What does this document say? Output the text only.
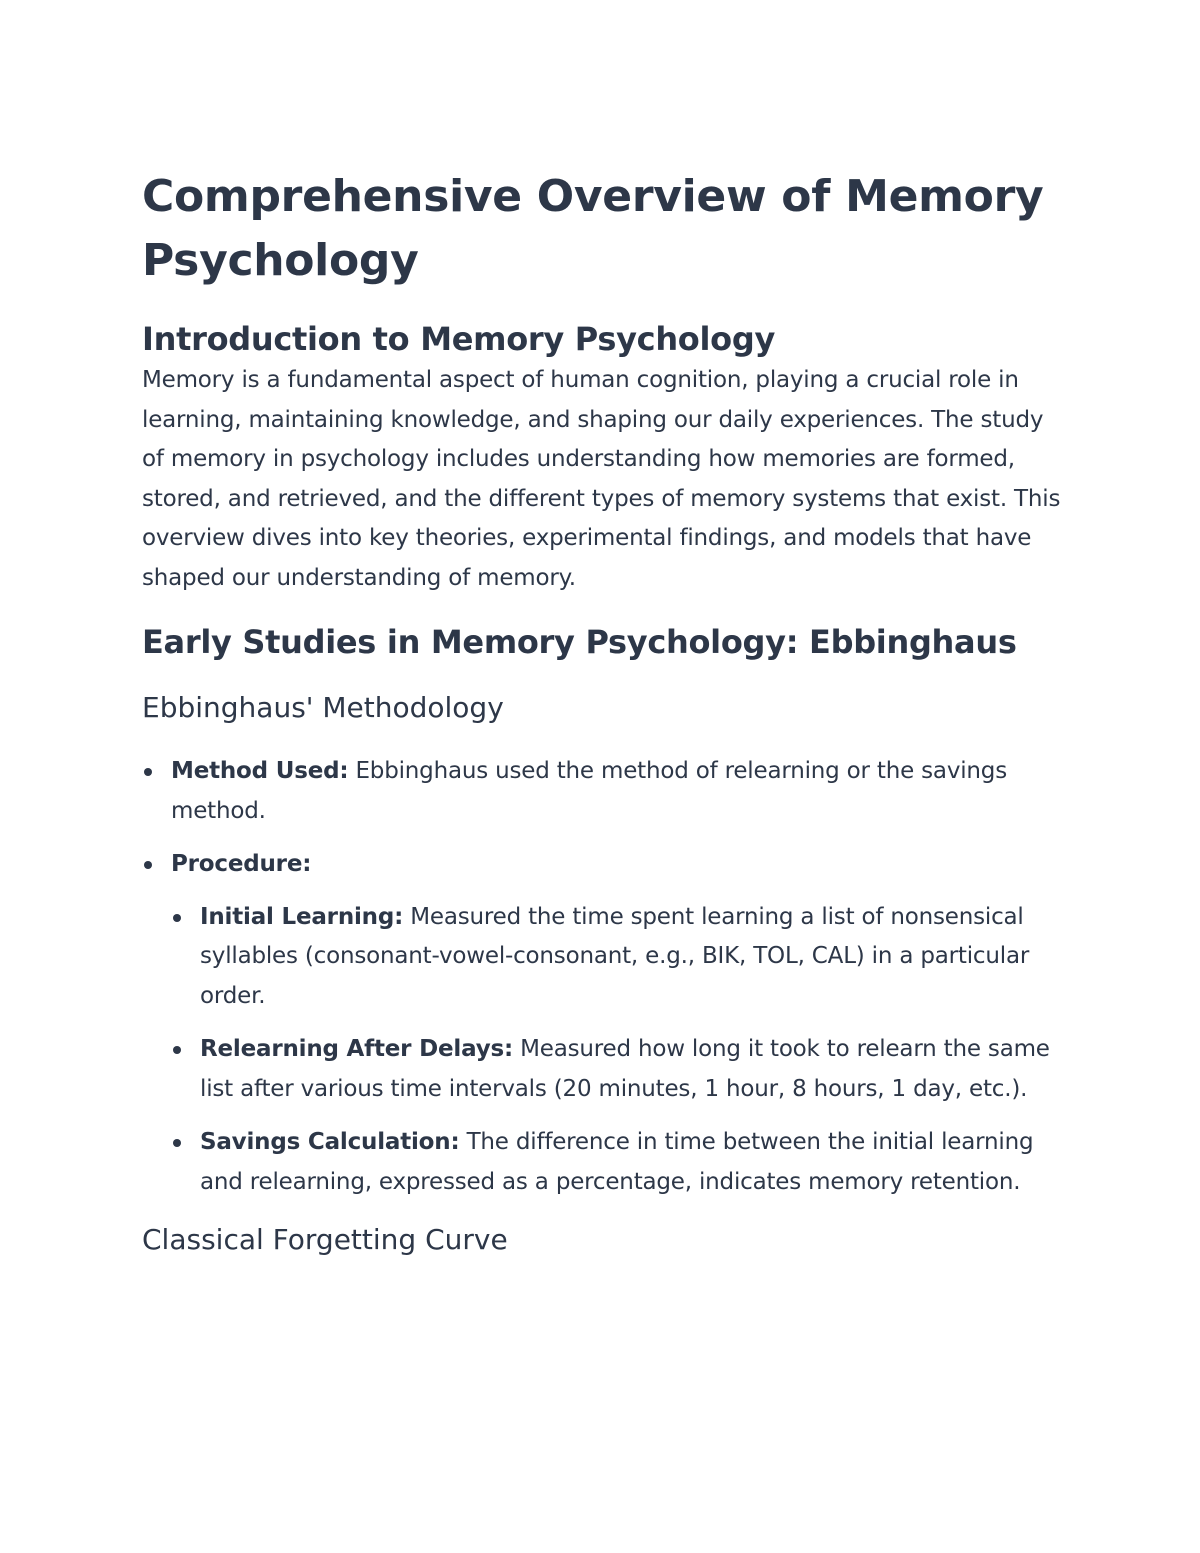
Comprehensive Overview of Memory Psychology
Introduction to Memory Psychology

Memory is a fundamental aspect of human cognition, playing a crucial role in learning, maintaining knowledge, and shaping our daily experiences. The study of memory in psychology includes understanding how memories are formed, stored, and retrieved, and the different types of memory systems that exist. This overview dives into key theories, experimental findings, and models that have shaped our understanding of memory.

Early Studies in Memory Psychology: Ebbinghaus
Ebbinghaus' Methodology
Method Used: Ebbinghaus used the method of relearning or the savings method.
Procedure:
Initial Learning: Measured the time spent learning a list of nonsensical syllables (consonant-vowel-consonant, e.g., BIK, TOL, CAL) in a particular order.
Relearning After Delays: Measured how long it took to relearn the same list after various time intervals (20 minutes, 1 hour, 8 hours, 1 day, etc.).
Savings Calculation: The difference in time between the initial learning and relearning, expressed as a percentage, indicates memory retention.
Classical Forgetting Curve
